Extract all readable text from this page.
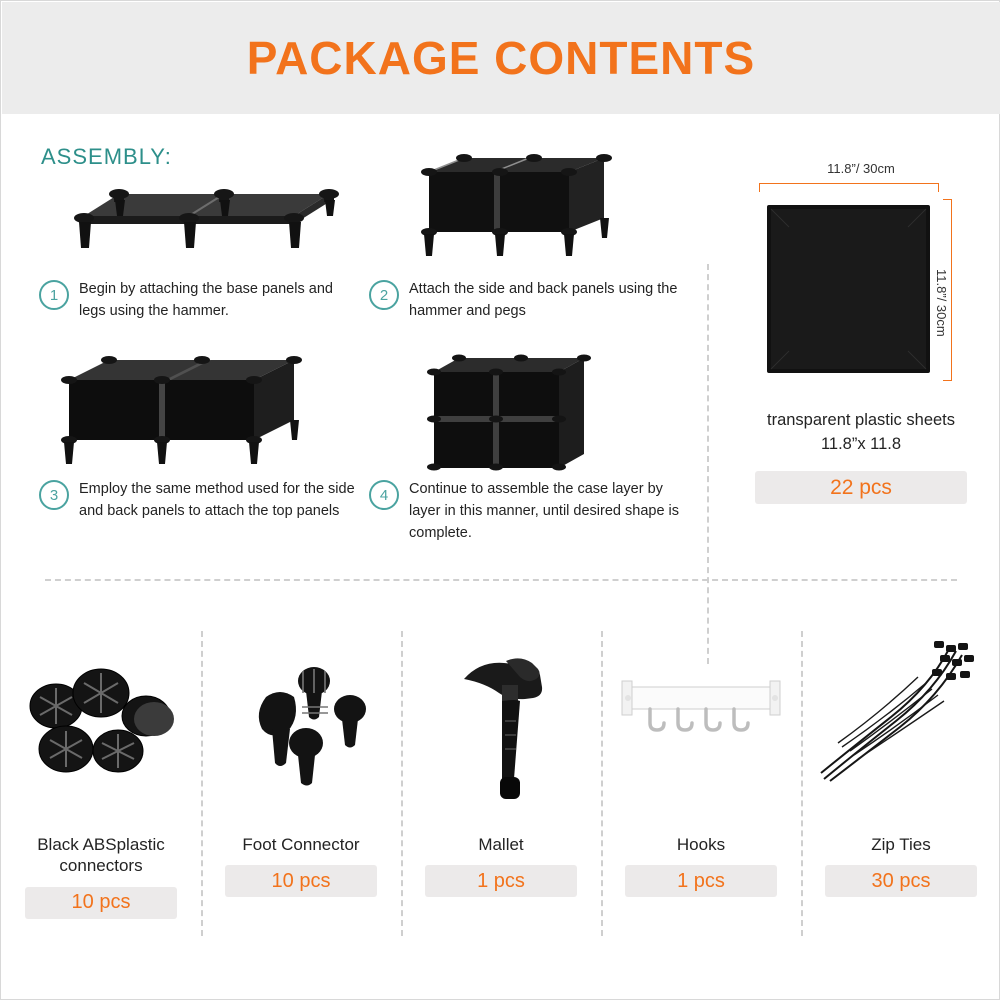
PACKAGE CONTENTS
ASSEMBLY:
1	Begin by attaching the base panels and legs using the hammer.
2	Attach the side and back panels using the hammer and pegs
3	Employ the same method used for the side and back panels to attach the top panels
4	Continue to assemble the case layer by layer in this manner, until desired shape is complete.
11.8”/ 30cm
11.8”/ 30cm
transparent plastic sheets
11.8”x 11.8
22 pcs
Black ABSplastic connectors
10 pcs
Foot Connector
10 pcs
Mallet
1 pcs
Hooks
1 pcs
Zip Ties
30 pcs
